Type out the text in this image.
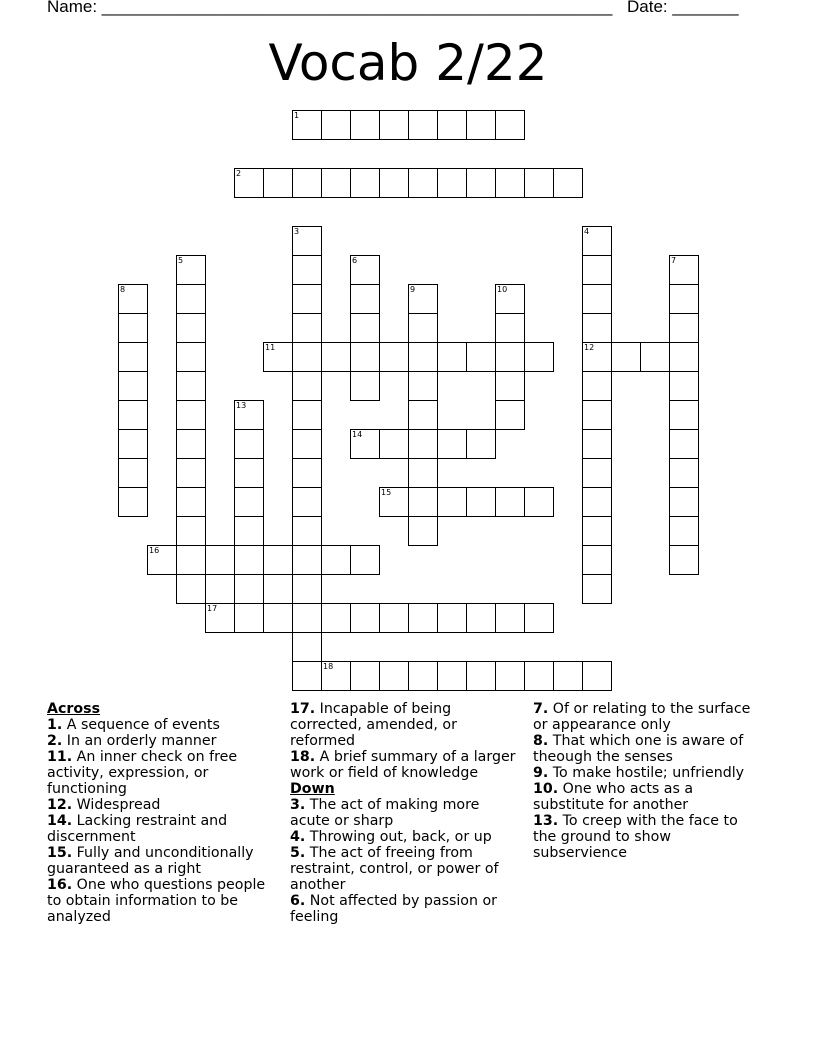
Name: ______________________________________________________ Date: _______
Vocab 2/22
1
2
3	4
12
5	6	7
8	9	10
11
13
14
15
16
17
18
Across
1. A sequence of events
2. In an orderly manner
11. An inner check on free activity, expression, or functioning
12. Widespread
14. Lacking restraint and discernment
15. Fully and unconditionally guaranteed as a right
16. One who questions people to obtain information to be analyzed
17. Incapable of being corrected, amended, or reformed
18. A brief summary of a larger work or field of knowledge
Down
3. The act of making more acute or sharp
4. Throwing out, back, or up
5. The act of freeing from restraint, control, or power of another
6. Not affected by passion or feeling
7. Of or relating to the surface or appearance only
8. That which one is aware of theough the senses
9. To make hostile; unfriendly
10. One who acts as a substitute for another
13. To creep with the face to the ground to show subservience
